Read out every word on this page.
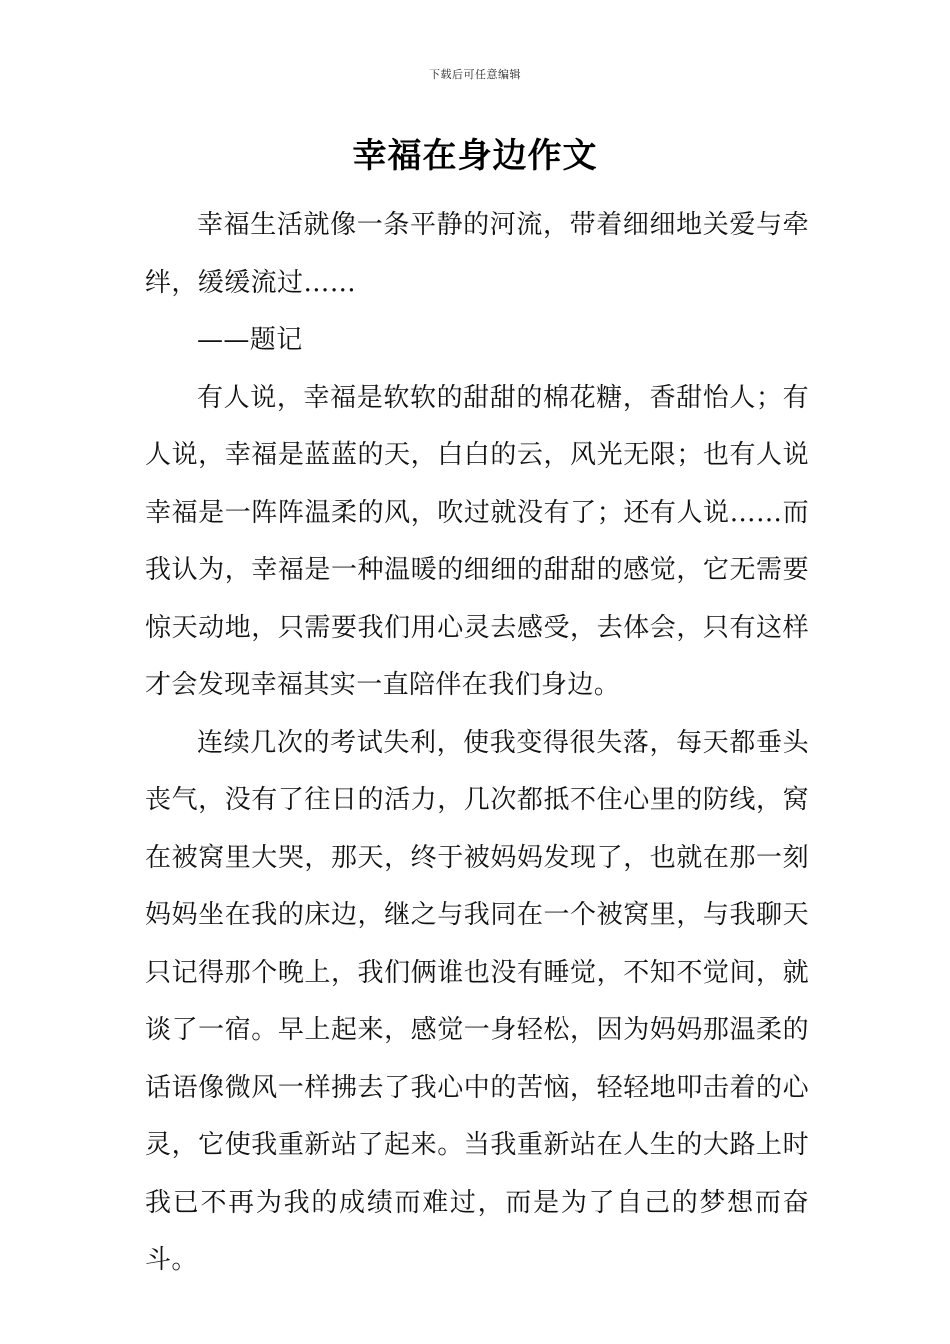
下载后可任意编辑
幸福在身边作文

幸福生活就像一条平静的河流，带着细细地关爱与牵绊，缓缓流过……

——题记

有人说，幸福是软软的甜甜的棉花糖，香甜怡人；有人说，幸福是蓝蓝的天，白白的云，风光无限；也有人说幸福是一阵阵温柔的风，吹过就没有了；还有人说……而我认为，幸福是一种温暖的细细的甜甜的感觉，它无需要惊天动地，只需要我们用心灵去感受，去体会，只有这样才会发现幸福其实一直陪伴在我们身边。

连续几次的考试失利，使我变得很失落，每天都垂头丧气，没有了往日的活力，几次都抵不住心里的防线，窝在被窝里大哭，那天，终于被妈妈发现了，也就在那一刻妈妈坐在我的床边，继之与我同在一个被窝里，与我聊天只记得那个晚上，我们俩谁也没有睡觉，不知不觉间，就谈了一宿。早上起来，感觉一身轻松，因为妈妈那温柔的话语像微风一样拂去了我心中的苦恼，轻轻地叩击着的心灵，它使我重新站了起来。当我重新站在人生的大路上时我已不再为我的成绩而难过，而是为了自己的梦想而奋斗。
